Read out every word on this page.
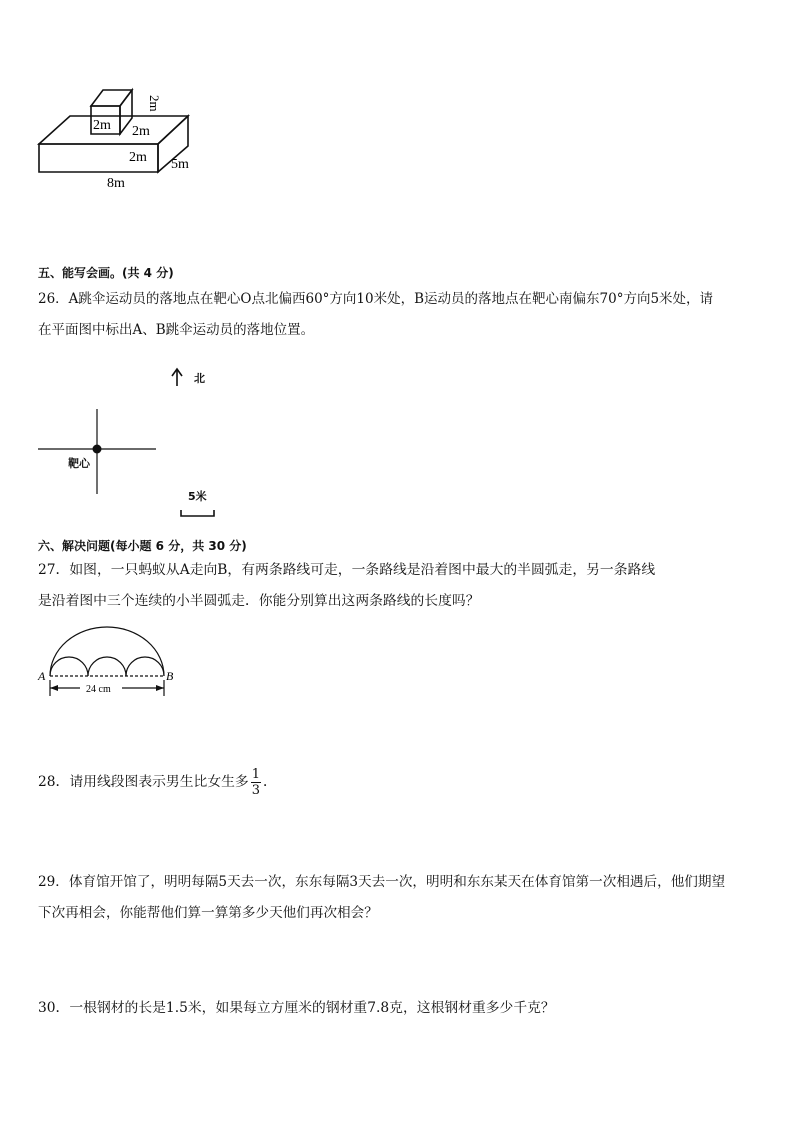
2m
2m
2m
2m 5m
8m
五、能写会画。(共 4 分)
26．A跳伞运动员的落地点在靶心O点北偏西60°方向10米处，B运动员的落地点在靶心南偏东70°方向5米处，请
在平面图中标出A、B跳伞运动员的落地位置。
北
靶心
5米
六、解决问题(每小题 6 分，共 30 分)
27．如图，一只蚂蚁从A走向B，有两条路线可走，一条路线是沿着图中最大的半圆弧走，另一条路线
是沿着图中三个连续的小半圆弧走．你能分别算出这两条路线的长度吗？
A	B
24 cm
28．请用线段图表示男生比女生多 $\frac{1}{3}$ ．
29．体育馆开馆了，明明每隔5天去一次，东东每隔3天去一次，明明和东东某天在体育馆第一次相遇后，他们期望
下次再相会，你能帮他们算一算第多少天他们再次相会？
30．一根钢材的长是1.5米，如果每立方厘米的钢材重7.8克，这根钢材重多少千克？
